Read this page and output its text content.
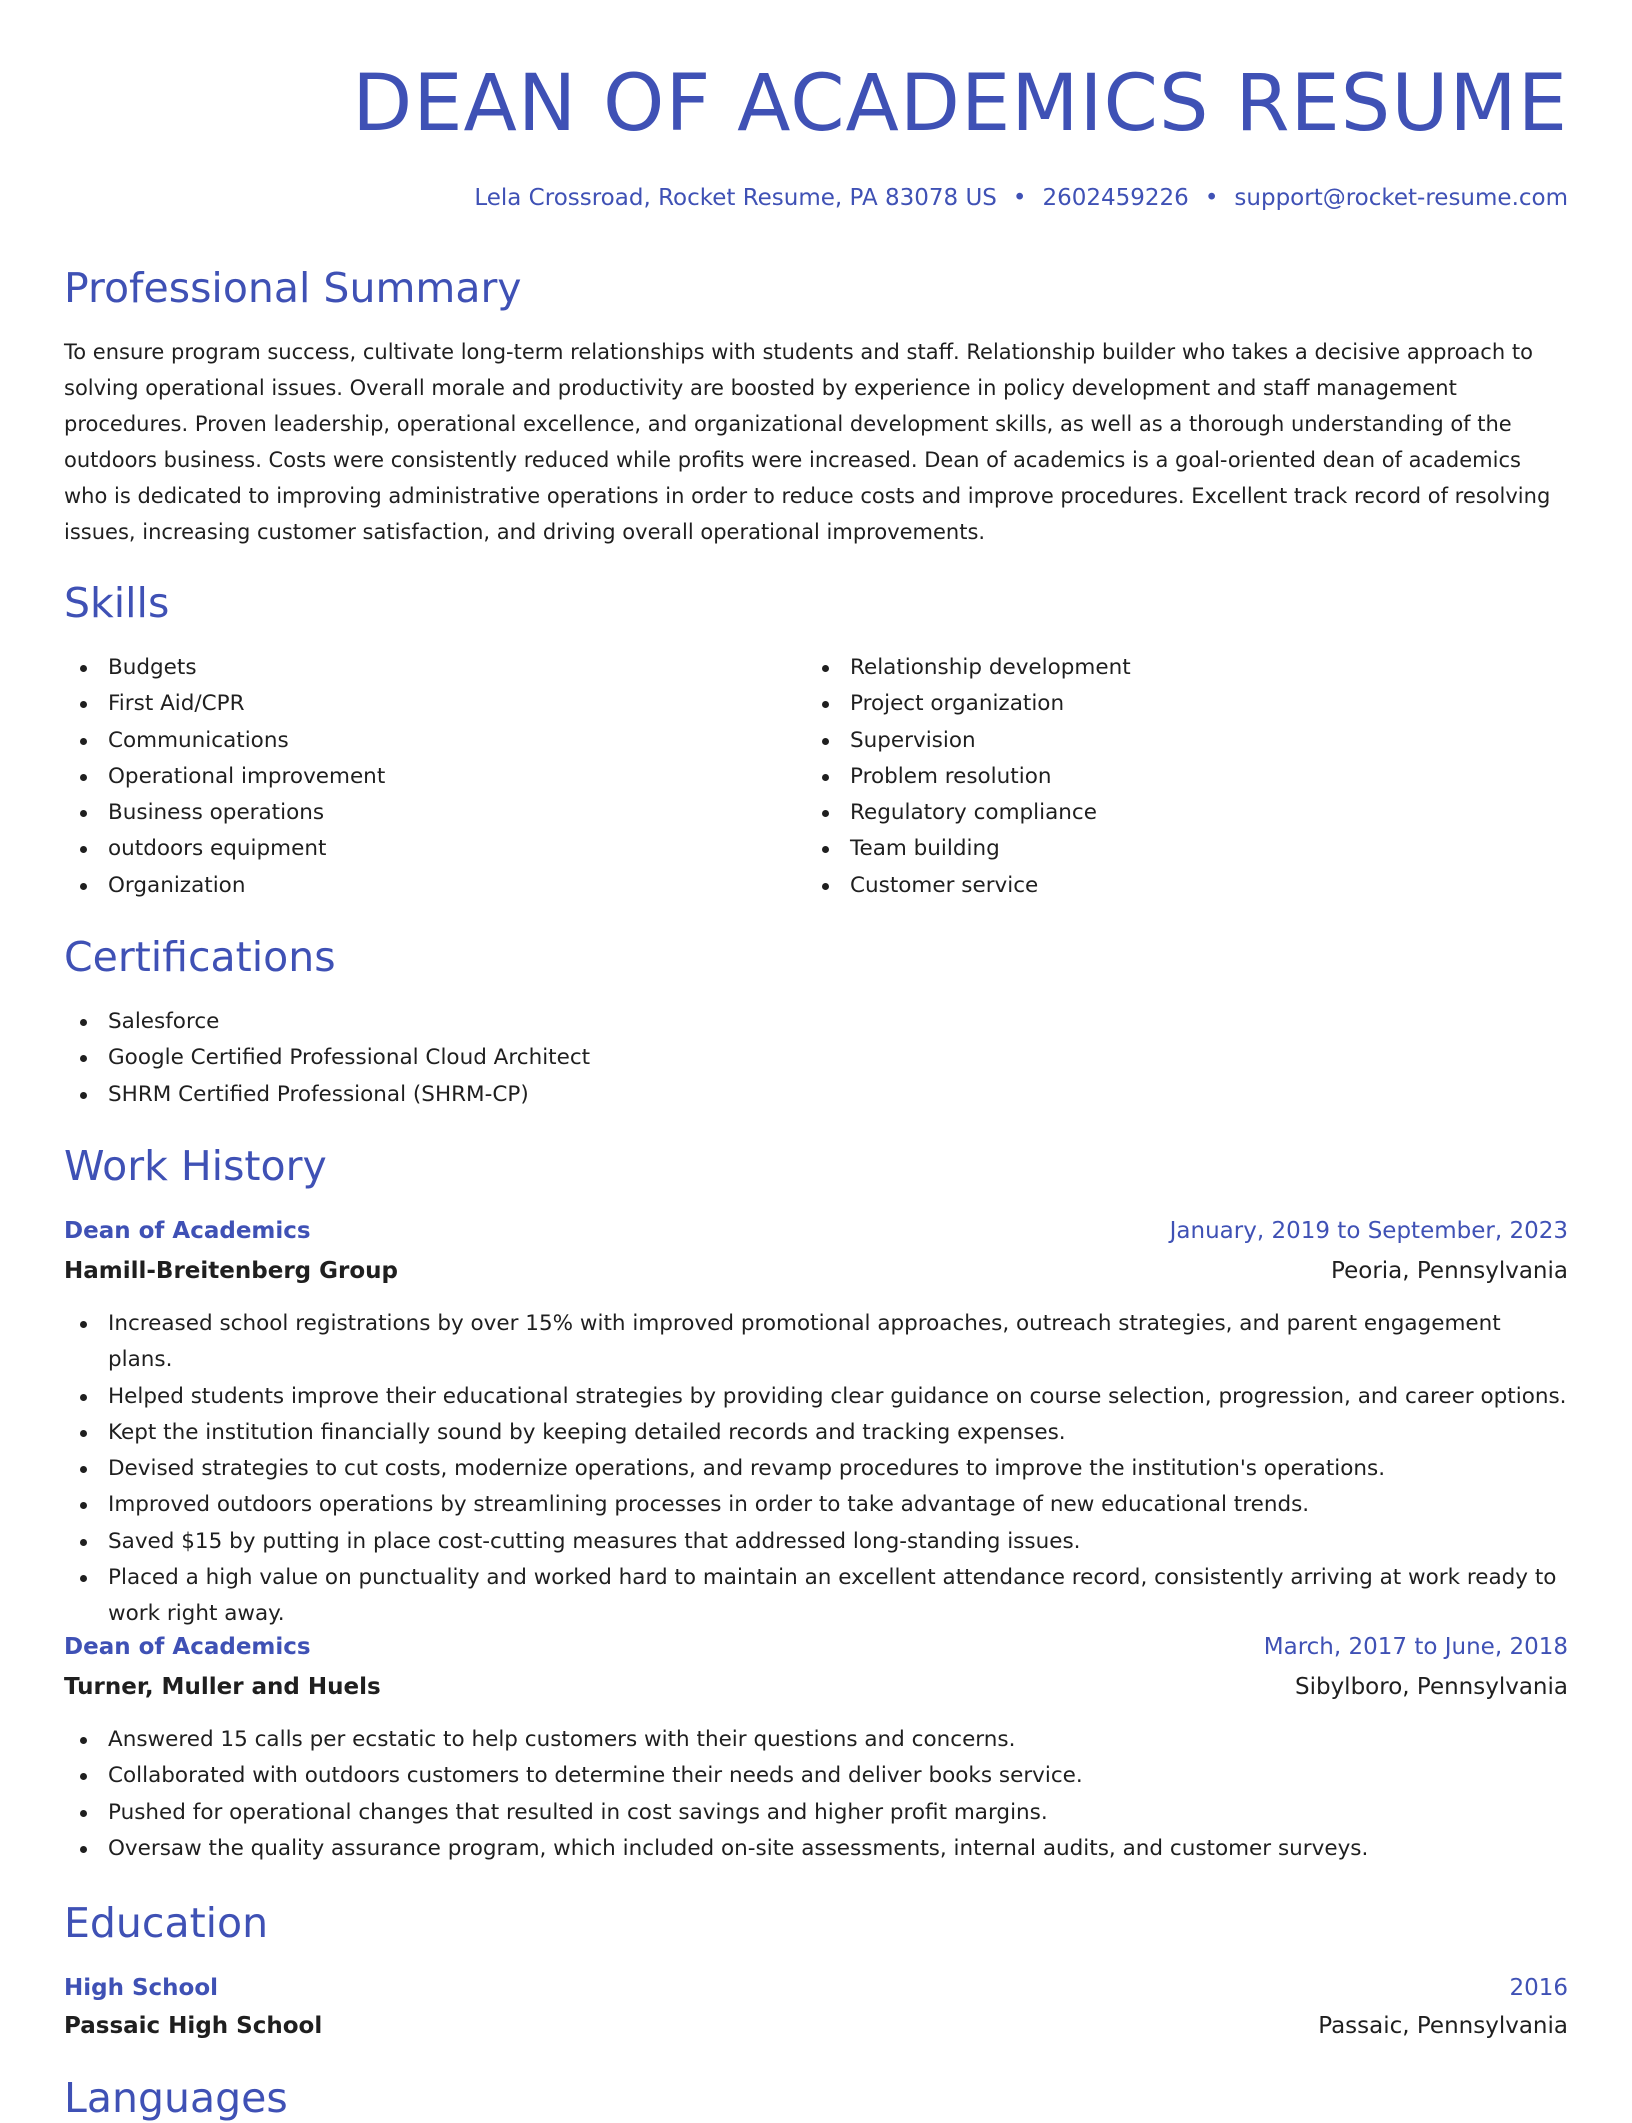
DEAN OF ACADEMICS RESUME
Lela Crossroad, Rocket Resume, PA 83078 US • 2602459226 • support@rocket-resume.com
Professional Summary

To ensure program success, cultivate long-term relationships with students and staff. Relationship builder who takes a decisive approach to solving operational issues. Overall morale and productivity are boosted by experience in policy development and staff management procedures. Proven leadership, operational excellence, and organizational development skills, as well as a thorough understanding of the outdoors business. Costs were consistently reduced while profits were increased. Dean of academics is a goal-oriented dean of academics who is dedicated to improving administrative operations in order to reduce costs and improve procedures. Excellent track record of resolving issues, increasing customer satisfaction, and driving overall operational improvements.

Skills
Budgets
First Aid/CPR
Communications
Operational improvement
Business operations
outdoors equipment
Organization
Relationship development
Project organization
Supervision
Problem resolution
Regulatory compliance
Team building
Customer service
Certifications
Salesforce
Google Certified Professional Cloud Architect
SHRM Certified Professional (SHRM-CP)
Work History
Dean of Academics	January, 2019 to September, 2023
Hamill-Breitenberg Group	Peoria, Pennsylvania
Increased school registrations by over 15% with improved promotional approaches, outreach strategies, and parent engagement plans.
Helped students improve their educational strategies by providing clear guidance on course selection, progression, and career options.
Kept the institution financially sound by keeping detailed records and tracking expenses.
Devised strategies to cut costs, modernize operations, and revamp procedures to improve the institution's operations.
Improved outdoors operations by streamlining processes in order to take advantage of new educational trends.
Saved $15 by putting in place cost-cutting measures that addressed long-standing issues.
Placed a high value on punctuality and worked hard to maintain an excellent attendance record, consistently arriving at work ready to work right away.
Dean of Academics	March, 2017 to June, 2018
Turner, Muller and Huels	Sibylboro, Pennsylvania
Answered 15 calls per ecstatic to help customers with their questions and concerns.
Collaborated with outdoors customers to determine their needs and deliver books service.
Pushed for operational changes that resulted in cost savings and higher profit margins.
Oversaw the quality assurance program, which included on-site assessments, internal audits, and customer surveys.
Education
High School	2016
Passaic High School	Passaic, Pennsylvania
Languages
